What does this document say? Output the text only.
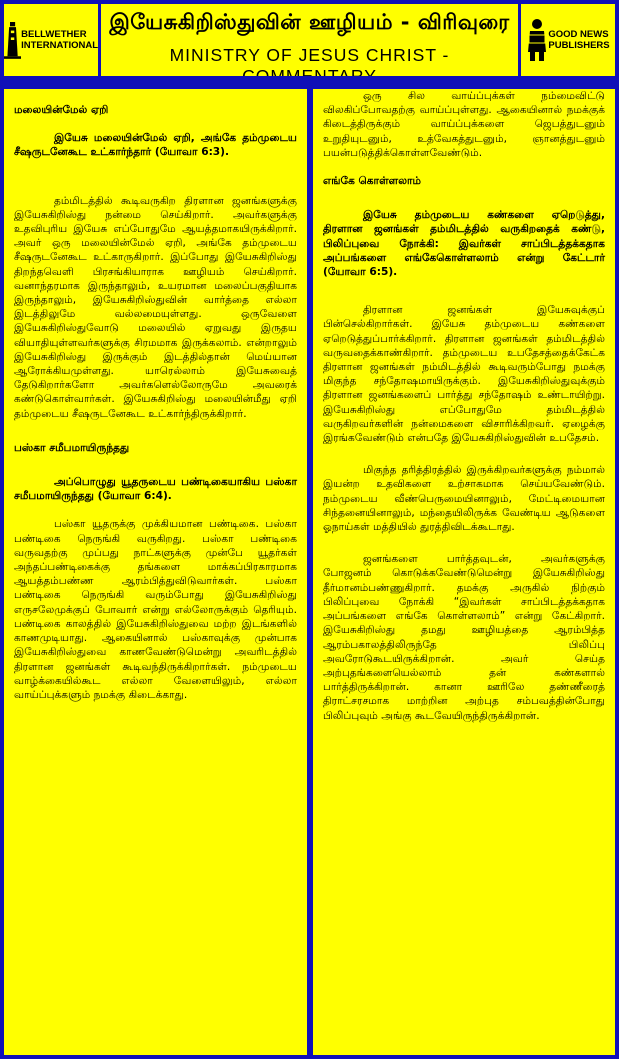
BELLWETHER
INTERNATIONAL
இயேசுகிறிஸ்துவின் ஊழியம் - விரிவுரை
MINISTRY OF JESUS CHRIST -
GOOD NEWS
PUBLISHERS

மலையின்மேல் ஏறி

இயேசு மலையின்மேல் ஏறி, அங்கே தம்முடைய சீஷருடனேகூட உட்கார்ந்தார் (யோவா 6:3).

தம்மிடத்தில் கூடிவருகிற திரளான ஜனங்களுக்கு இயேசுகிறிஸ்து நன்மை செய்கிறார். அவர்களுக்கு உதவிபுரிய இயேசு எப்போதுமே ஆயத்தமாகயிருக்கிறார். அவர் ஒரு மலையின்மேல் ஏறி, அங்கே தம்முடைய சீஷருடனேகூட உட்காருகிறார். இப்போது இயேசுகிறிஸ்து திறந்தவெளி பிரசங்கியாராக ஊழியம் செய்கிறார். வனாந்தரமாக இருந்தாலும், உயரமான மலைப்பகுதியாக இருந்தாலும், இயேசுகிறிஸ்துவின் வார்த்தை எல்லா இடத்திலுமே வல்லமையுள்ளது. ஒருவேளை இயேசுகிறிஸ்துவோடு மலையில் ஏறுவது இருதய வியாதியுள்ளவர்களுக்கு சிரமமாக இருக்கலாம். என்றாலும் இயேசுகிறிஸ்து இருக்கும் இடத்தில்தான் மெய்யான ஆரோக்கியமுள்ளது. யாரெல்லாம் இயேசுவைத் தேடுகிறார்களோ அவர்களெல்லோருமே அவரைக் கண்டுகொள்வார்கள். இயேசுகிறிஸ்து மலையின்மீது ஏறி தம்முடைய சீஷருடனேகூட உட்கார்ந்திருக்கிறார்.

பஸ்கா சமீபமாயிருந்தது

அப்பொழுது யூதருடைய பண்டிகையாகிய பஸ்கா சமீபமாயிருந்தது (யோவா 6:4).

பஸ்கா யூதருக்கு முக்கியமான பண்டிகை. பஸ்கா பண்டிகை நெருங்கி வருகிறது. பஸ்கா பண்டிகை வருவதற்கு முப்பது நாட்களுக்கு முன்பே யூதர்கள் அந்தப்பண்டிகைக்கு தங்களை மாக்கப்பிரகாரமாக ஆயத்தம்பண்ண ஆரம்பித்துவிடுவார்கள். பஸ்கா பண்டிகை நெருங்கி வரும்போது இயேசுகிறிஸ்து எருசலேமுக்குப் போவார் என்று எல்லோருக்கும் தெரியும். பண்டிகை காலத்தில் இயேசுகிறிஸ்துவை மற்ற இடங்களில் காணமுடியாது. ஆகையினால் பஸ்காவுக்கு முன்பாக இயேசுகிறிஸ்துவை காணவேண்டுமென்று அவரிடத்தில் திரளான ஜனங்கள் கூடிவந்திருக்கிறார்கள். நம்முடைய வாழ்க்கையில்கூட எல்லா வேளையிலும், எல்லா வாய்ப்புக்களும் நமக்கு கிடைக்காது.

ஒரு சில வாய்ப்புக்கள் நம்மைவிட்டு விலகிப்போவதற்கு வாய்ப்புள்ளது. ஆகையினால் நமக்குக் கிடைத்திருக்கும் வாய்ப்புக்களை ஜெபத்துடனும் உறுதியுடனும், உத்வேகத்துடனும், ஞானத்துடனும் பயன்படுத்திக்கொள்ளவேண்டும்.

எங்கே கொள்ளலாம்

இயேசு தம்முடைய கண்களை ஏறெடுத்து, திரளான ஜனங்கள் தம்மிடத்தில் வருகிறதைக் கண்டு, பிலிப்புவை நோக்கி: இவர்கள் சாப்பிடத்தக்கதாக அப்பங்களை எங்கேகொள்ளலாம் என்று கேட்டார் (யோவா 6:5).

திரளான ஜனங்கள் இயேசுவுக்குப் பின்செல்கிறார்கள். இயேசு தம்முடைய கண்களை ஏறெடுத்துப்பார்க்கிறார். திரளான ஜனங்கள் தம்மிடத்தில் வருவதைக்காண்கிறார். தம்முடைய உபதேசத்தைக்கேட்க திரளான ஜனங்கள் நம்மிடத்தில் கூடிவரும்போது நமக்கு மிகுந்த சந்தோஷமாயிருக்கும். இயேசுகிறிஸ்துவுக்கும் திரளான ஜனங்களைப் பார்த்து சந்தோஷம் உண்டாயிற்று. இயேசுகிறிஸ்து எப்போதுமே தம்மிடத்தில் வருகிறவர்களின் நன்மைகளை விசாரிக்கிறவர். ஏழைக்கு இரங்கவேண்டும் என்பதே இயேசுகிறிஸ்துவின் உபதேசம்.

மிகுந்த தரித்திரத்தில் இருக்கிறவர்களுக்கு நம்மால் இயன்ற உதவிகளை உற்சாகமாக செய்யவேண்டும். நம்முடைய வீண்பெருமையினாலும், மேட்டிமையான சிந்தனையினாலும், மந்தையிலிருக்க வேண்டிய ஆடுகளை ஓநாய்கள் மத்தியில் துரத்திவிடக்கூடாது.

ஜனங்களை பார்த்தவுடன், அவர்களுக்கு போஜனம் கொடுக்கவேண்டுமென்று இயேசுகிறிஸ்து தீர்மானம்பண்ணுகிறார். தமக்கு அருகில் நிற்கும் பிலிப்புவை நோக்கி “இவர்கள் சாப்பிடத்தக்கதாக அப்பங்களை எங்கே கொள்ளலாம்” என்று கேட்கிறார். இயேசுகிறிஸ்து தமது ஊழியத்தை ஆரம்பித்த ஆரம்பகாலத்திலிருந்தே பிலிப்பு அவரோடுகூடயிருக்கிறான். அவர் செய்த அற்புதங்களையெல்லாம் தன் கண்களால் பார்த்திருக்கிறான். கானா ஊரிலே தண்ணீரைத் திராட்சரசமாக மாற்றின அற்புத சம்பவத்தின்போது பிலிப்புவும் அங்கு கூடவேயிருந்திருக்கிறான்.
